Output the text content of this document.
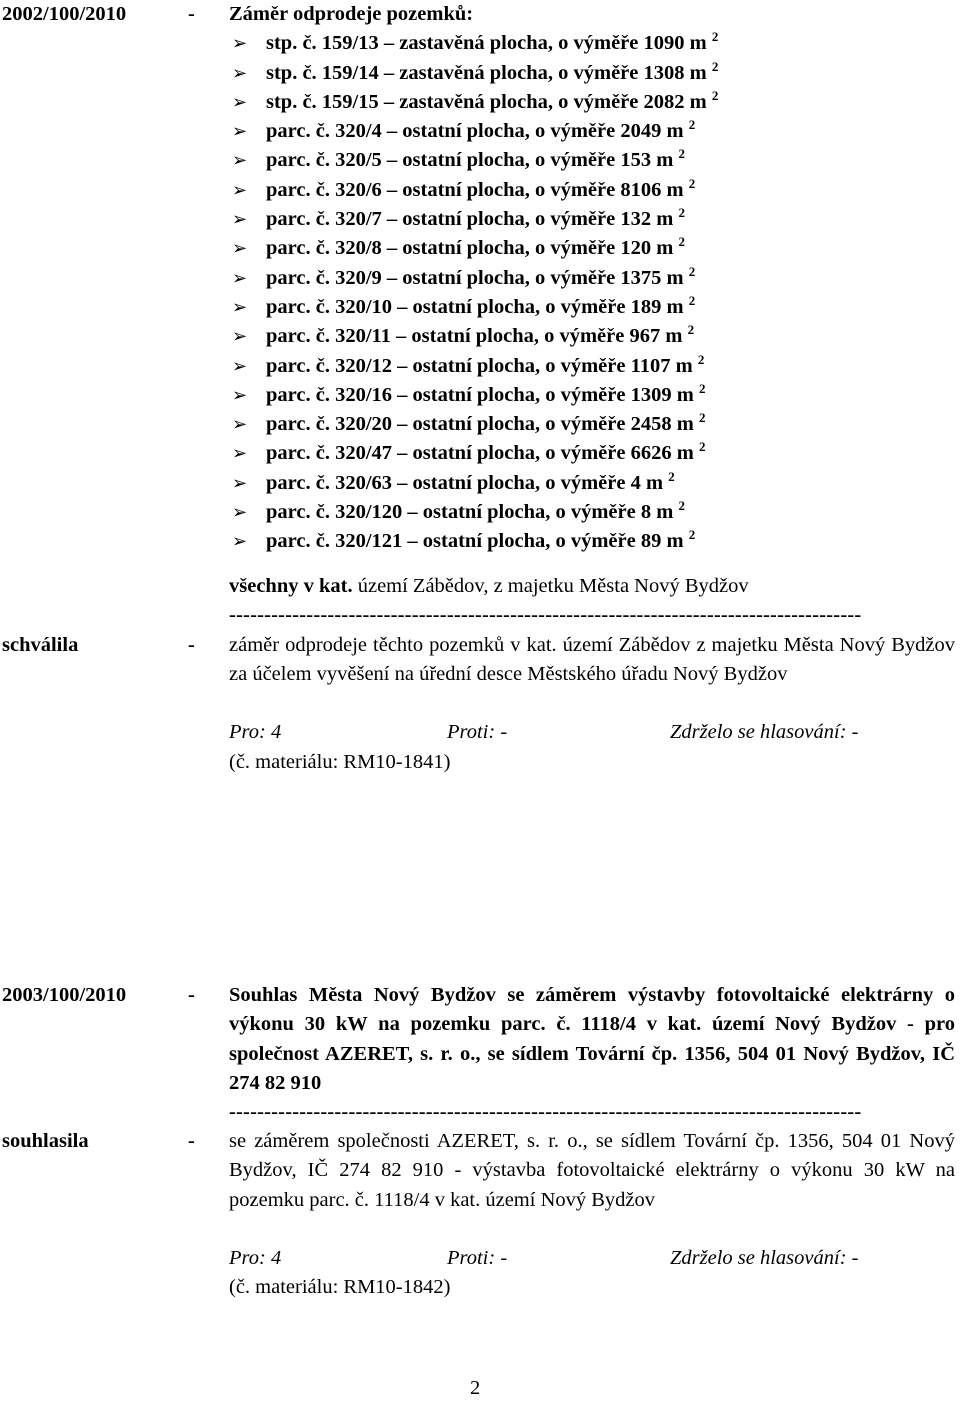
2002/100/2010	- Záměr odprodeje pozemků:
➢ stp. č. 159/13 – zastavěná plocha, o výměře 1090 m $^2$
➢ stp. č. 159/14 – zastavěná plocha, o výměře 1308 m $^2$
➢ stp. č. 159/15 – zastavěná plocha, o výměře 2082 m $^2$
➢ parc. č. 320/4 – ostatní plocha, o výměře 2049 m $^2$
➢ parc. č. 320/5 – ostatní plocha, o výměře 153 m $^2$
➢ parc. č. 320/6 – ostatní plocha, o výměře 8106 m $^2$
➢ parc. č. 320/7 – ostatní plocha, o výměře 132 m $^2$
➢ parc. č. 320/8 – ostatní plocha, o výměře 120 m $^2$
➢ parc. č. 320/9 – ostatní plocha, o výměře 1375 m $^2$
➢ parc. č. 320/10 – ostatní plocha, o výměře 189 m $^2$
➢ parc. č. 320/11 – ostatní plocha, o výměře 967 m $^2$
➢ parc. č. 320/12 – ostatní plocha, o výměře 1107 m $^2$
➢ parc. č. 320/16 – ostatní plocha, o výměře 1309 m $^2$
➢ parc. č. 320/20 – ostatní plocha, o výměře 2458 m $^2$
➢ parc. č. 320/47 – ostatní plocha, o výměře 6626 m $^2$
➢ parc. č. 320/63 – ostatní plocha, o výměře 4 m $^2$
➢ parc. č. 320/120 – ostatní plocha, o výměře 8 m $^2$
➢ parc. č. 320/121 – ostatní plocha, o výměře 89 m $^2$
všechny v kat. území Zábědov, z majetku Města Nový Bydžov
------------------------------------------------------------------------------------------
schválila	- záměr odprodeje těchto pozemků v kat. území Zábědov z majetku Města Nový Bydžov za účelem vyvěšení na úřední desce Městského úřadu Nový Bydžov
Pro: 4	Proti: -	Zdrželo se hlasování: -
(č. materiálu: RM10-1841)
2003/100/2010	- Souhlas Města Nový Bydžov se záměrem výstavby fotovoltaické elektrárny o výkonu 30 kW na pozemku parc. č. 1118/4 v kat. území Nový Bydžov - pro společnost AZERET, s. r. o., se sídlem Tovární čp. 1356, 504 01 Nový Bydžov, IČ 274 82 910
------------------------------------------------------------------------------------------
souhlasila	- se záměrem společnosti AZERET, s. r. o., se sídlem Tovární čp. 1356, 504 01 Nový Bydžov, IČ 274 82 910 - výstavba fotovoltaické elektrárny o výkonu 30 kW na pozemku parc. č. 1118/4 v kat. území Nový Bydžov
Pro: 4	Proti: -	Zdrželo se hlasování: -
(č. materiálu: RM10-1842)
2
